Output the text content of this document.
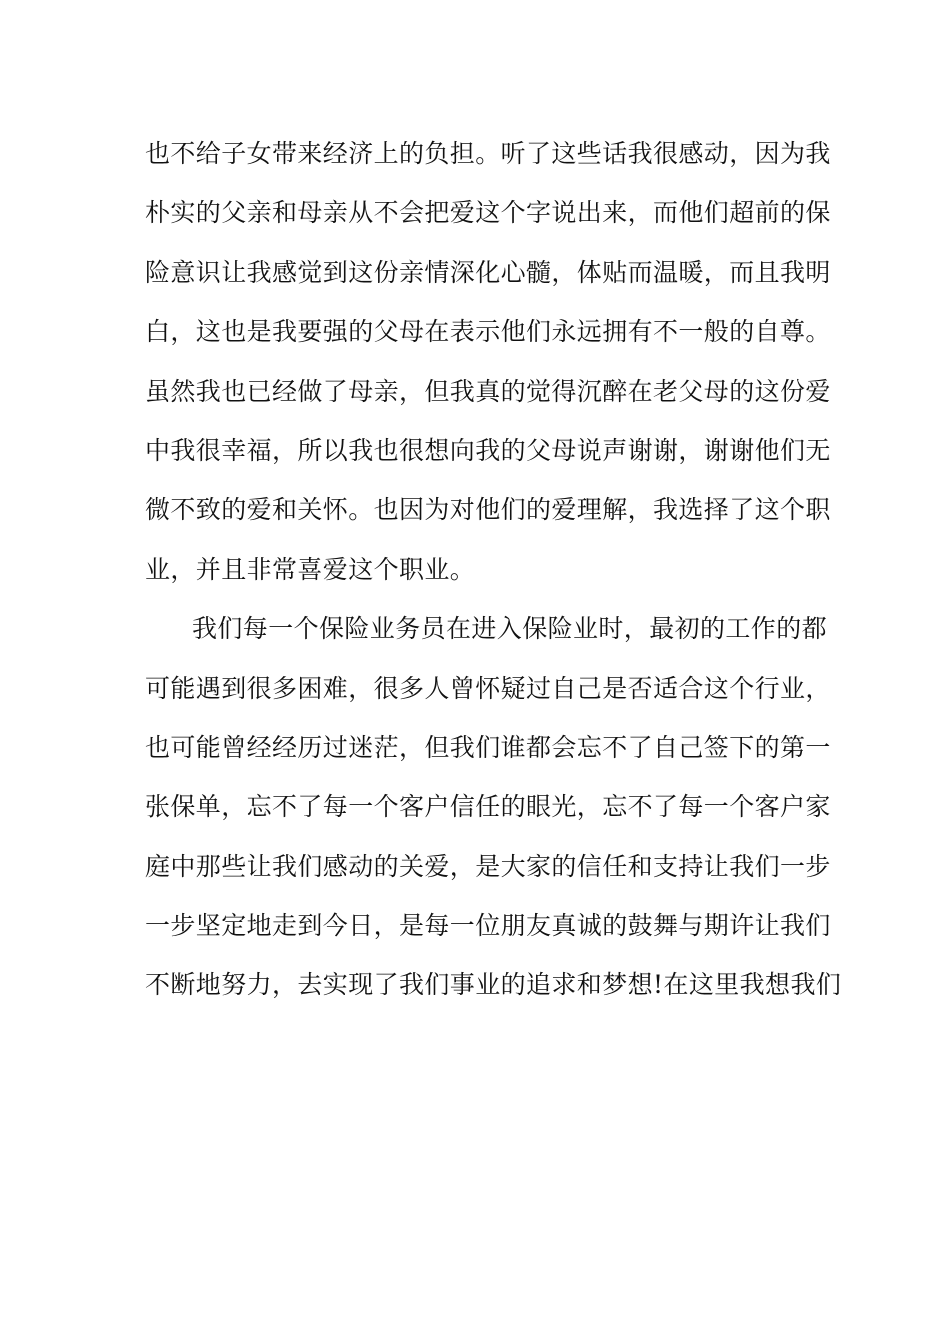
也不给子女带来经济上的负担。听了这些话我很感动，因为我
朴实的父亲和母亲从不会把爱这个字说出来，而他们超前的保
险意识让我感觉到这份亲情深化心髓，体贴而温暖，而且我明
白，这也是我要强的父母在表示他们永远拥有不一般的自尊。
虽然我也已经做了母亲，但我真的觉得沉醉在老父母的这份爱
中我很幸福，所以我也很想向我的父母说声谢谢，谢谢他们无
微不致的爱和关怀。也因为对他们的爱理解，我选择了这个职
业，并且非常喜爱这个职业。
我们每一个保险业务员在进入保险业时，最初的工作的都
可能遇到很多困难，很多人曾怀疑过自己是否适合这个行业，
也可能曾经经历过迷茫，但我们谁都会忘不了自己签下的第一
张保单，忘不了每一个客户信任的眼光，忘不了每一个客户家
庭中那些让我们感动的关爱，是大家的信任和支持让我们一步
一步坚定地走到今日，是每一位朋友真诚的鼓舞与期许让我们
不断地努力，去实现了我们事业的追求和梦想!在这里我想我们
